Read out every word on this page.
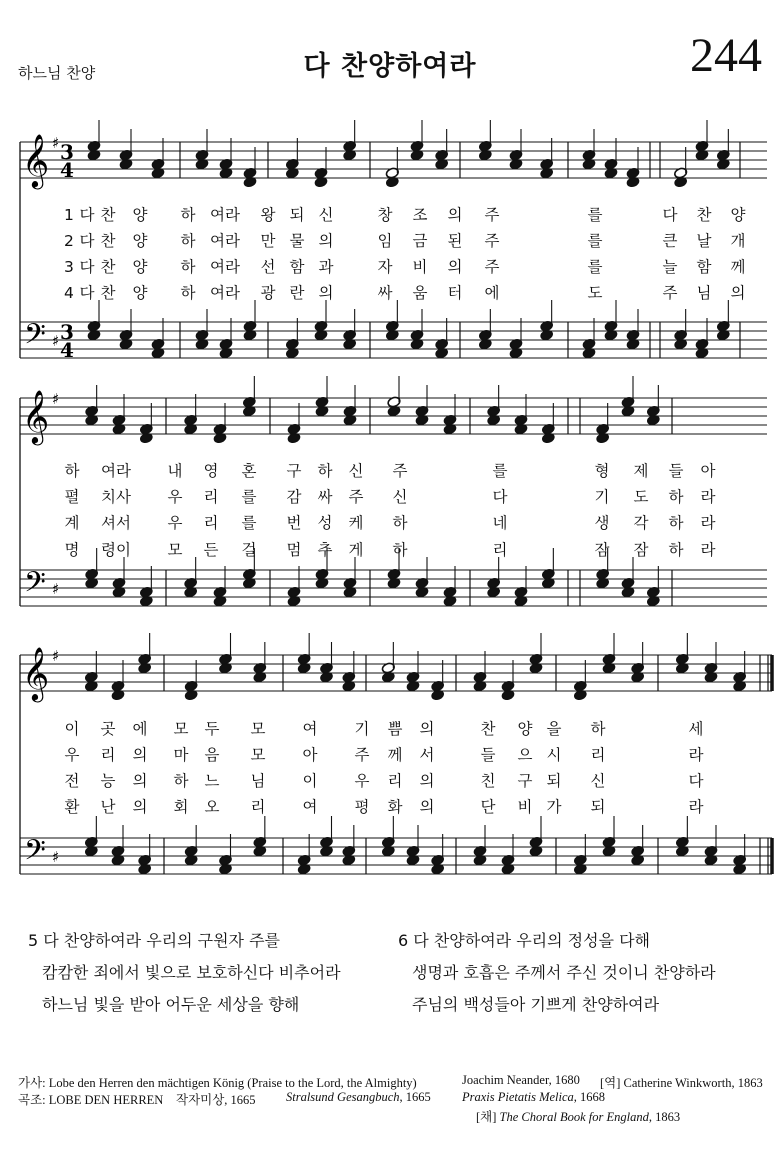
하느님 찬양	다 찬양하여라	244
𝄞
𝄢
♯
♯
3
4
3
4
𝄞
𝄢
♯
♯
𝄞
𝄢
♯
♯
1 다 찬 양 하 여라 왕 되 신	창 조 의 주	를	다 찬 양
2 다 찬 양 하 여라 만 물 의	임 금 된 주	를	큰 날 개
3 다 찬 양 하 여라 선 함 과	자 비 의 주	를	늘 함 께
4 다 찬 양 하 여라 광 란 의	싸 움 터 에	도	주 님 의
하 여라 내 영 혼 구 하 신 주	를	형 제 들 아
펼 치사 우 리 를 감 싸 주 신	다	기 도 하 라
계 셔서 우 리 를 번 성 케 하	네	생 각 하 라
명 령이 모 든 걸 멈 추 게 하	리	잠 잠 하 라
이 곳 에 모 두 모 여 기 쁨 의	찬 양 을 하	세
우 리 의 마 음 모 아 주 께 서	들 으 시 리	라
전 능 의 하 느 님 이 우 리 의	친 구 되 신	다
환 난 의 회 오 리 여 평 화 의	단 비 가 되	라
5 다 찬양하여라 우리의 구원자 주를
캄캄한 죄에서 빛으로 보호하신다 비추어라
하느님 빛을 받아 어두운 세상을 향해
6 다 찬양하여라 우리의 정성을 다해
생명과 호흡은 주께서 주신 것이니 찬양하라
주님의 백성들아 기쁘게 찬양하여라
가사: Lobe den Herren den mächtigen König (Praise to the Lord, the Almighty)	Joachim Neander, 1680 [역] Catherine Winkworth, 1863
곡조: LOBE DEN HERREN 작자미상, 1665 Stralsund Gesangbuch, 1665 Praxis Pietatis Melica, 1668
[채] The Choral Book for England, 1863
